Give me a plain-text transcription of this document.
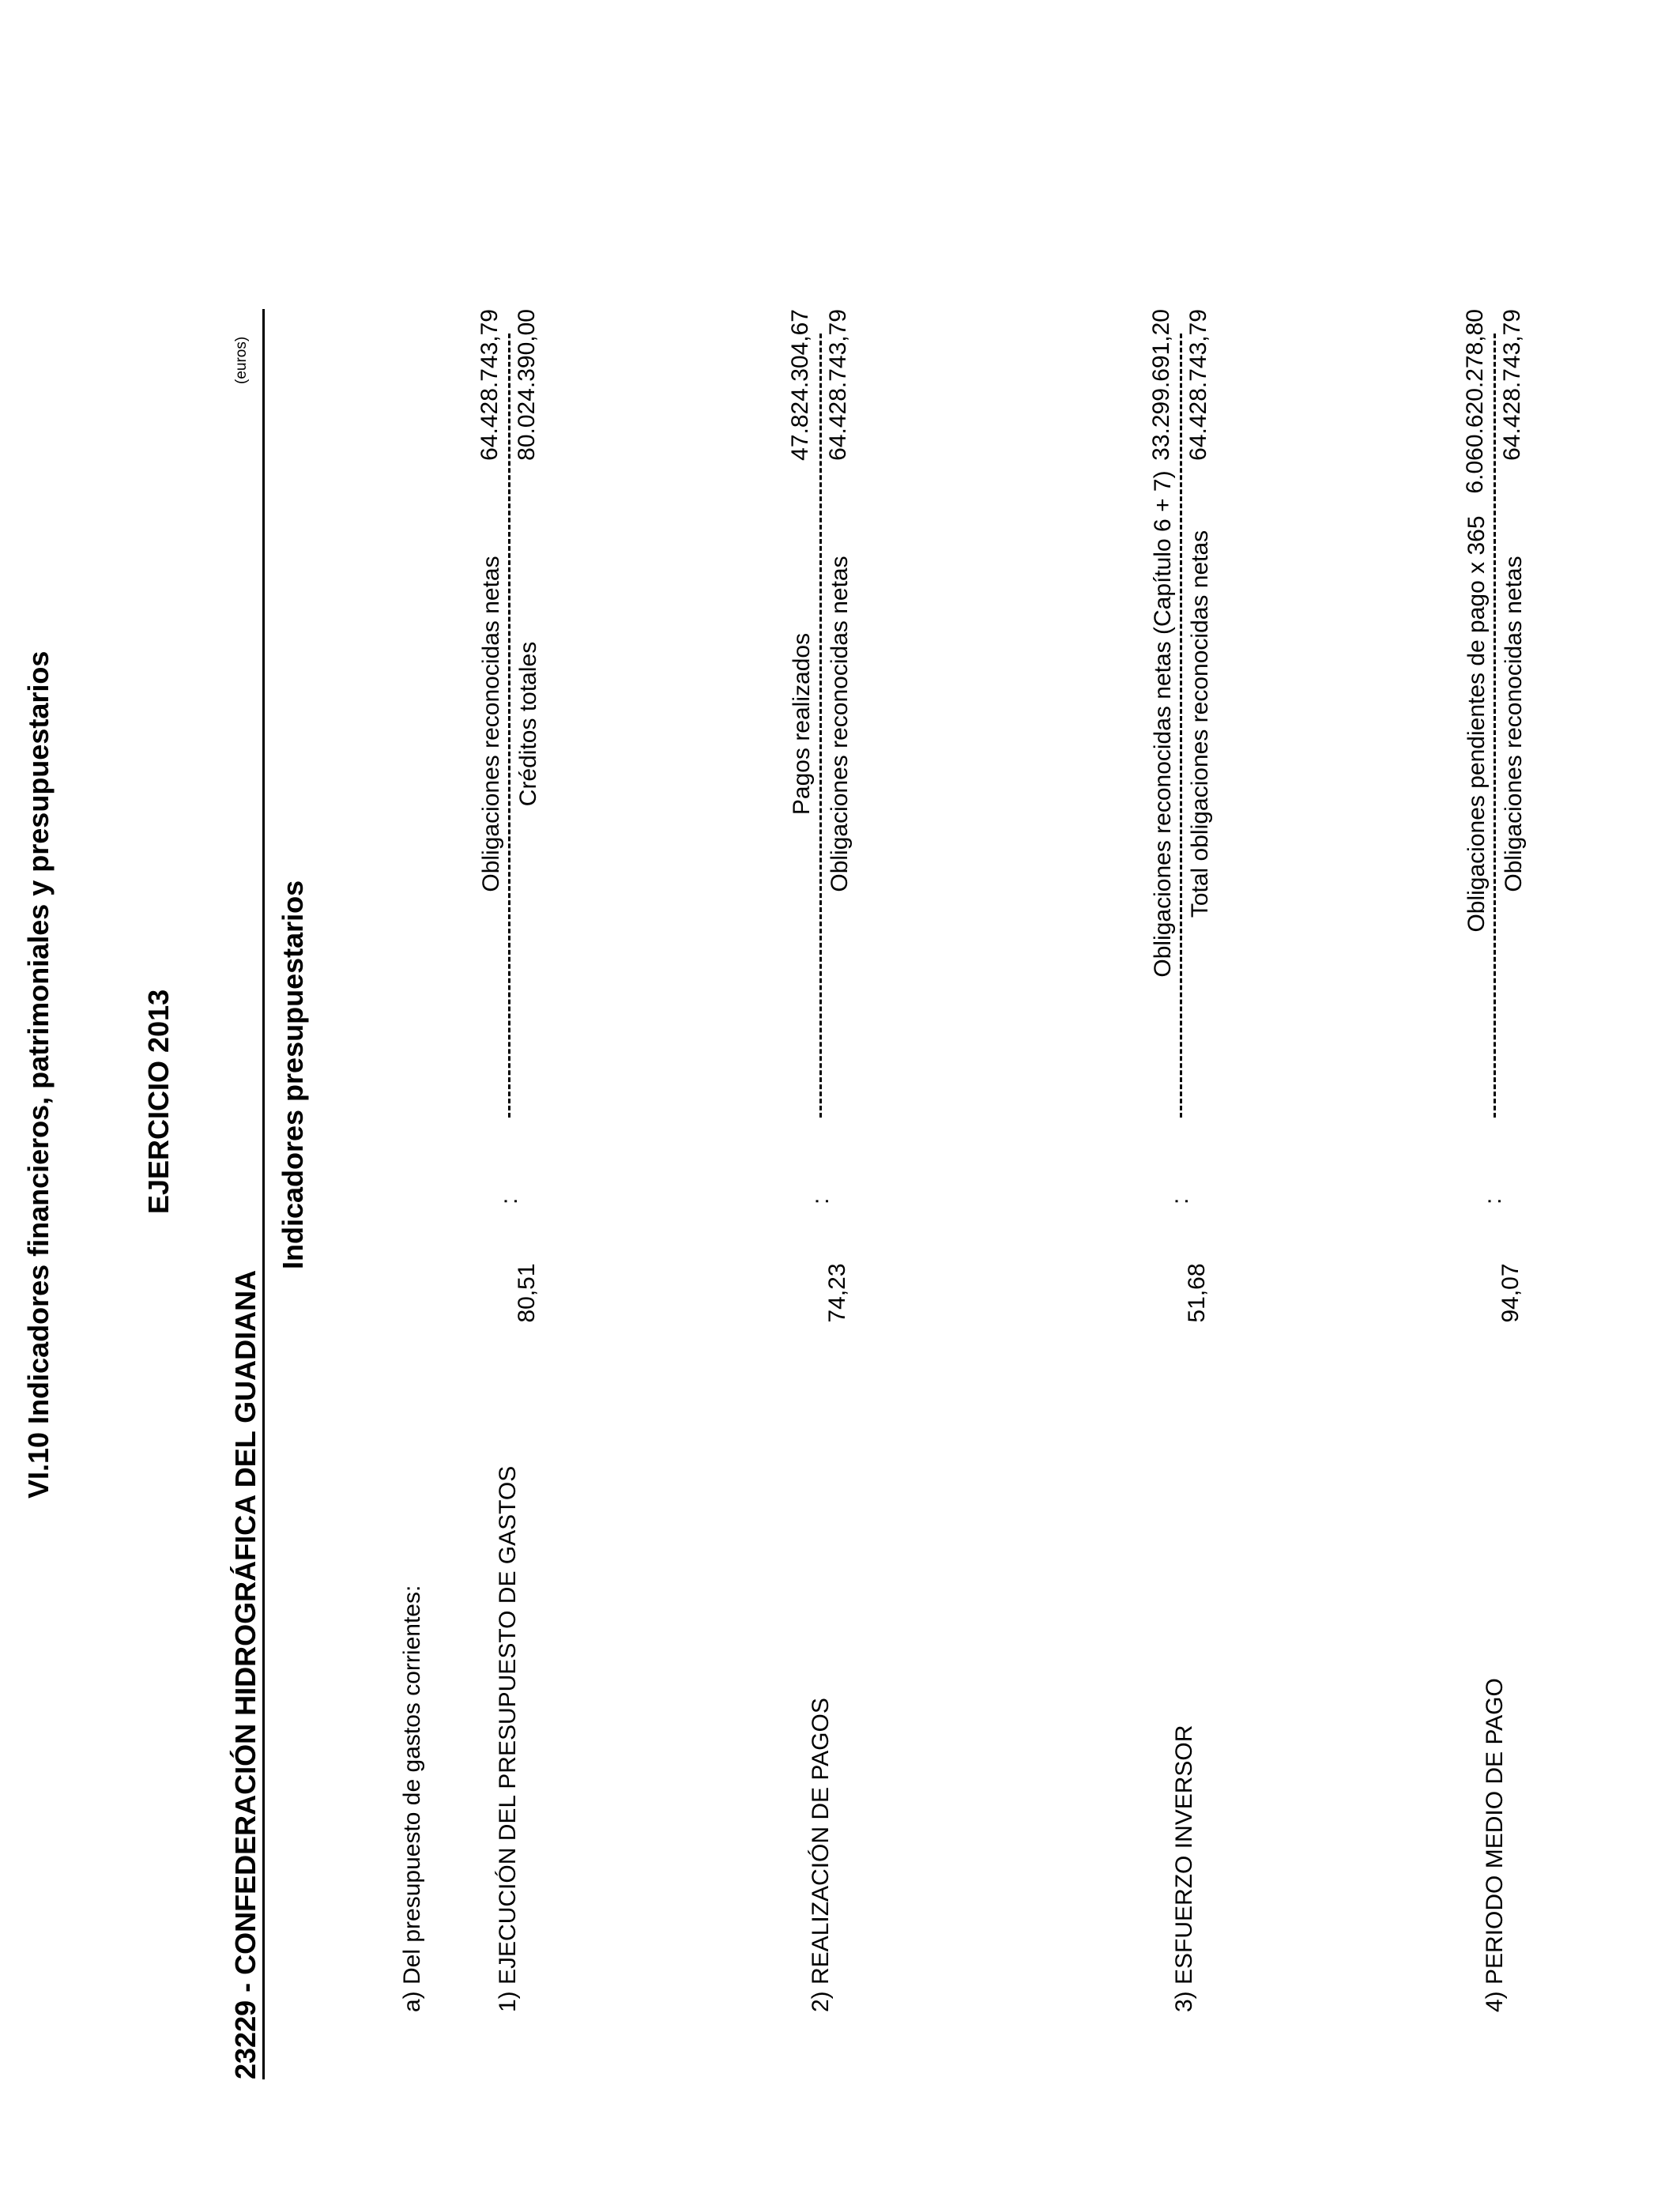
VI.10 Indicadores financieros, patrimoniales y presupuestarios	EJERCICIO 2013
23229 - CONFEDERACIÓN HIDROGRÁFICA DEL GUADIANA
Indicadores presupuestarios
(euros)
a) Del presupuesto de gastos corrientes:	1) EJECUCIÓN DEL PRESUPUESTO DE GASTOS
80,51
:
Obligaciones reconocidas netas Créditos totales
64.428.743,79 80.024.390,00
2) REALIZACIÓN DE PAGOS
74,23
:
Pagos realizados Obligaciones reconocidas netas
47.824.304,67 64.428.743,79
3) ESFUERZO INVERSOR
51,68
:
Obligaciones reconocidas netas (Capítulo 6 + 7) Total obligaciones reconocidas netas
33.299.691,20 64.428.743,79
4) PERIODO MEDIO DE PAGO
94,07
:
Obligaciones pendientes de pago x 365 Obligaciones reconocidas netas
6.060.620.278,80 64.428.743,79
